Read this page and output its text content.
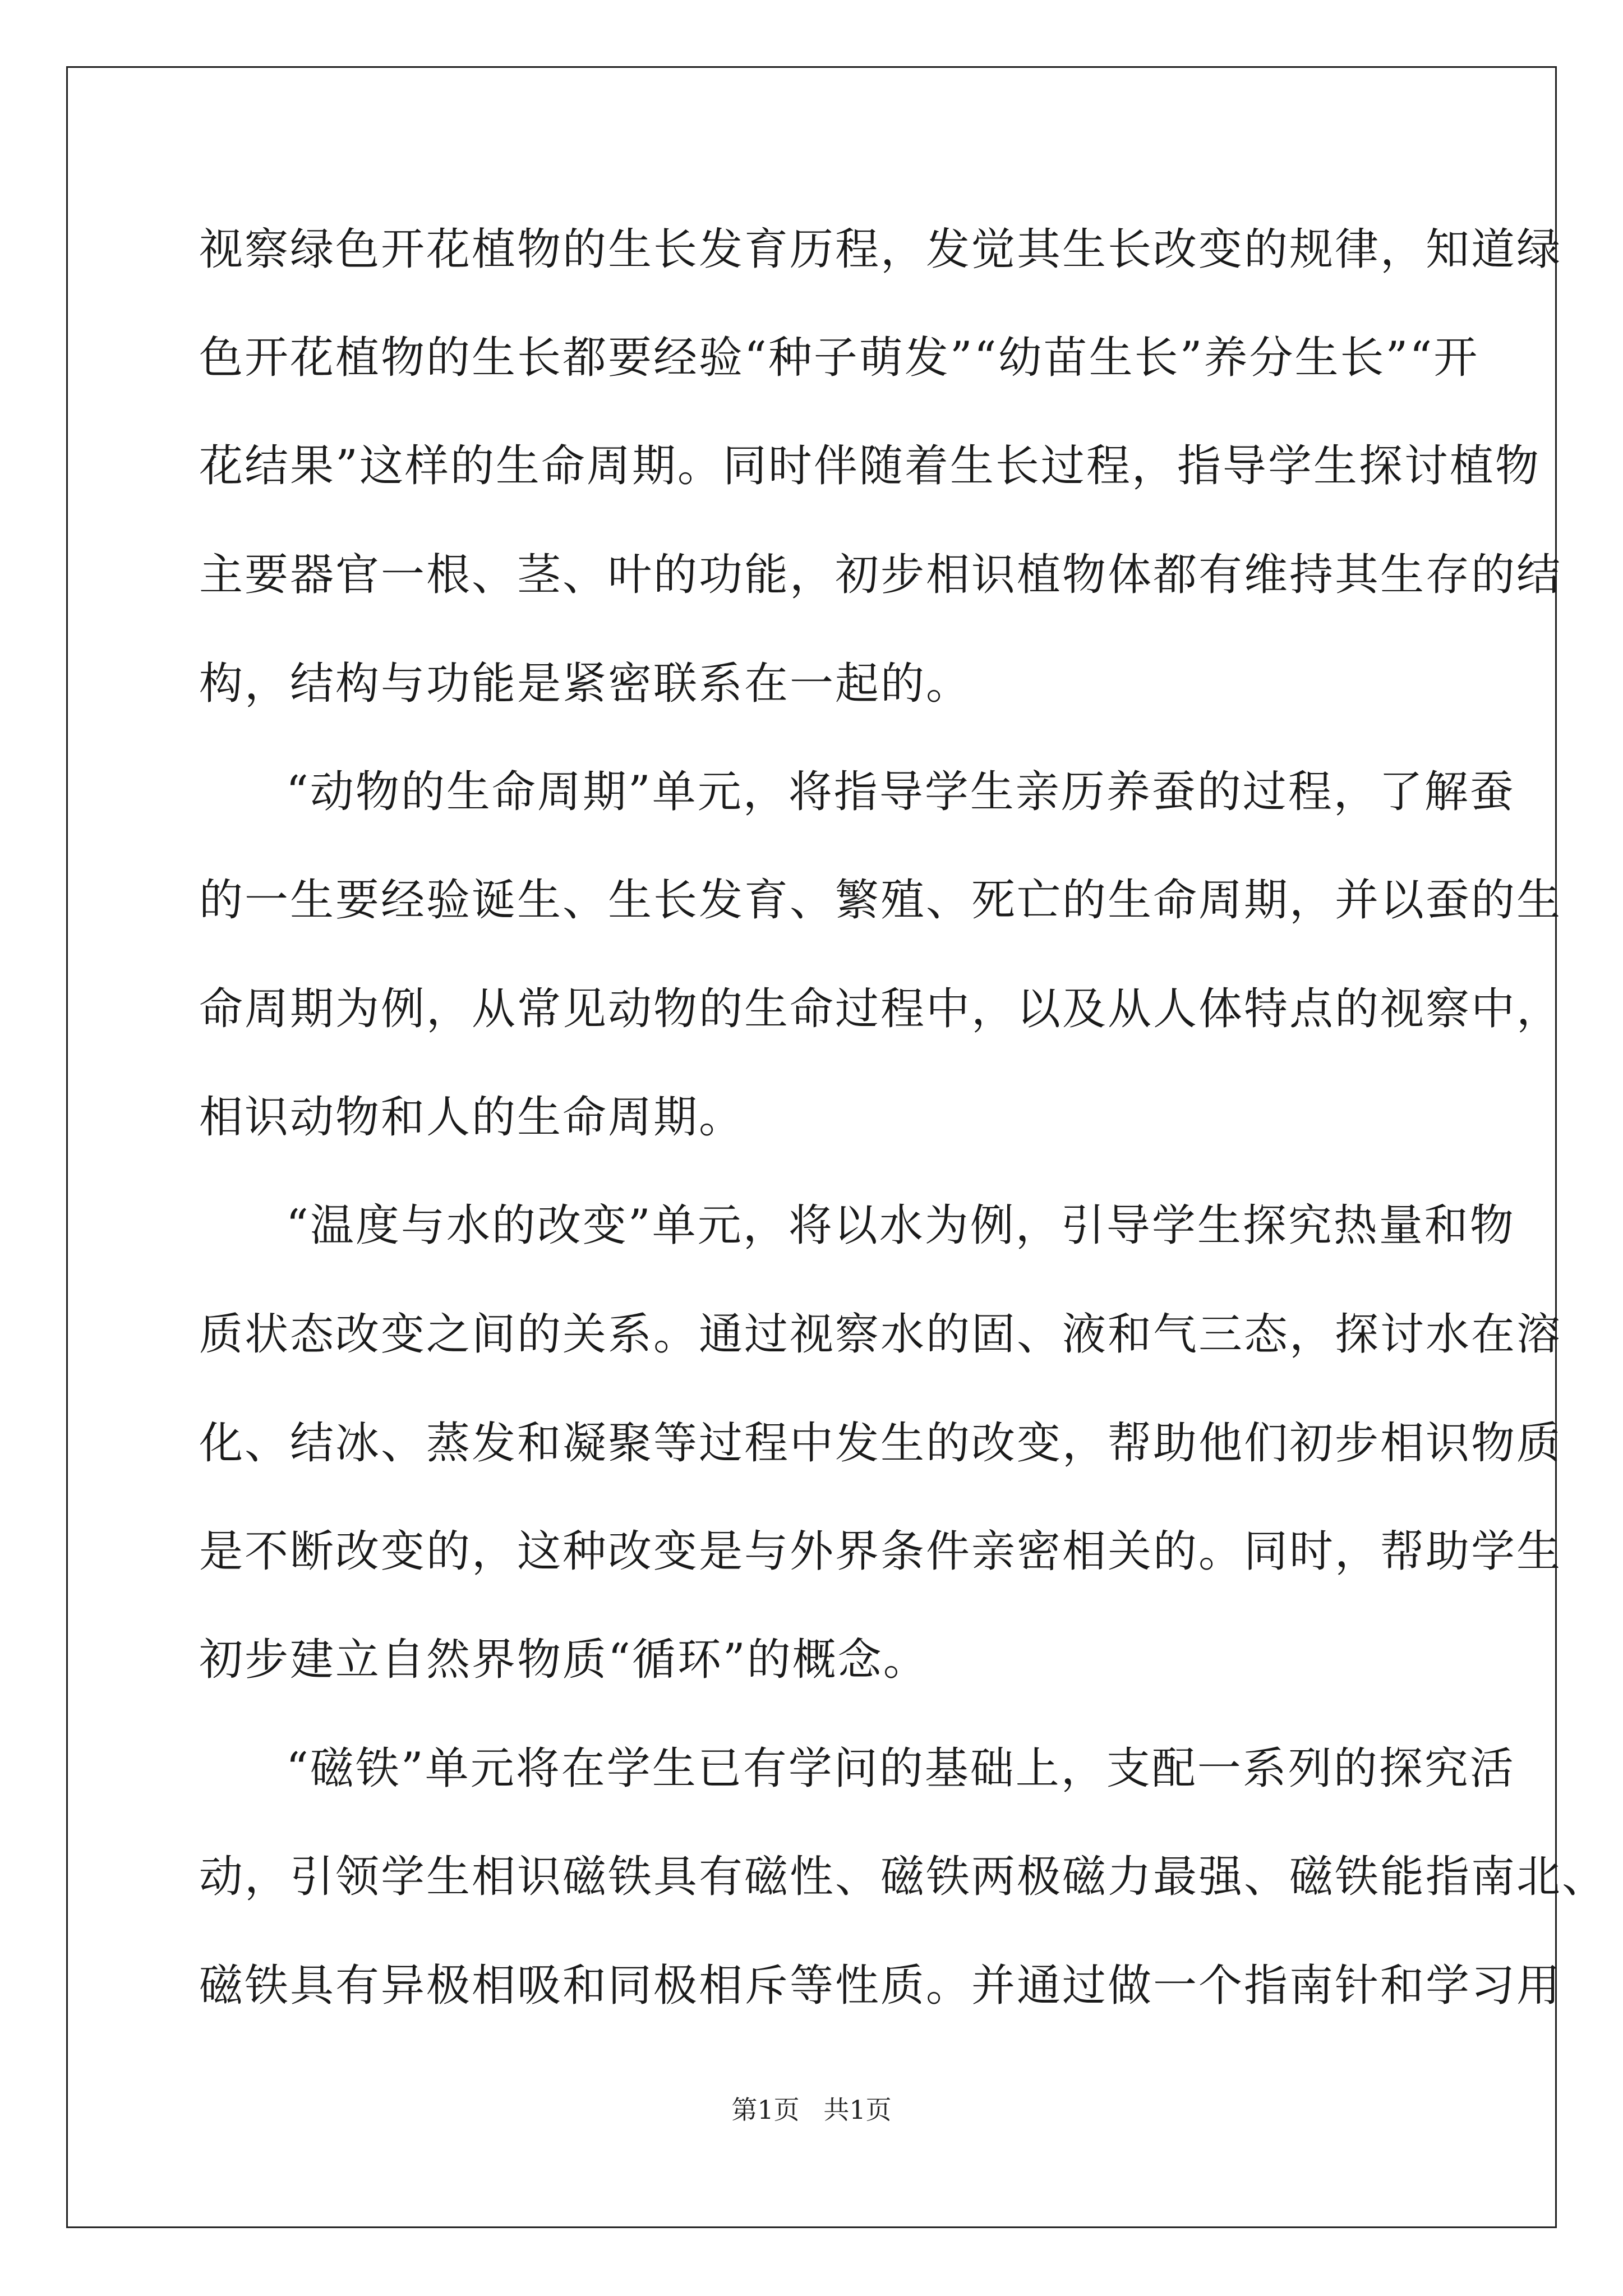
视察绿色开花植物的生长发育历程，发觉其生长改变的规律，知道绿
色开花植物的生长都要经验“种子萌发”“幼苗生长”养分生长”“开
花结果”这样的生命周期。同时伴随着生长过程，指导学生探讨植物
主要器官一根、茎、叶的功能，初步相识植物体都有维持其生存的结
构，结构与功能是紧密联系在一起的。
“动物的生命周期”单元，将指导学生亲历养蚕的过程，了解蚕
的一生要经验诞生、生长发育、繁殖、死亡的生命周期，并以蚕的生
命周期为例，从常见动物的生命过程中，以及从人体特点的视察中，
相识动物和人的生命周期。
“温度与水的改变”单元，将以水为例，引导学生探究热量和物
质状态改变之间的关系。通过视察水的固、液和气三态，探讨水在溶
化、结冰、蒸发和凝聚等过程中发生的改变，帮助他们初步相识物质
是不断改变的，这种改变是与外界条件亲密相关的。同时，帮助学生
初步建立自然界物质“循环”的概念。
“磁铁”单元将在学生已有学问的基础上，支配一系列的探究活
动，引领学生相识磁铁具有磁性、磁铁两极磁力最强、磁铁能指南北、
磁铁具有异极相吸和同极相斥等性质。并通过做一个指南针和学习用
第1页 共1页
